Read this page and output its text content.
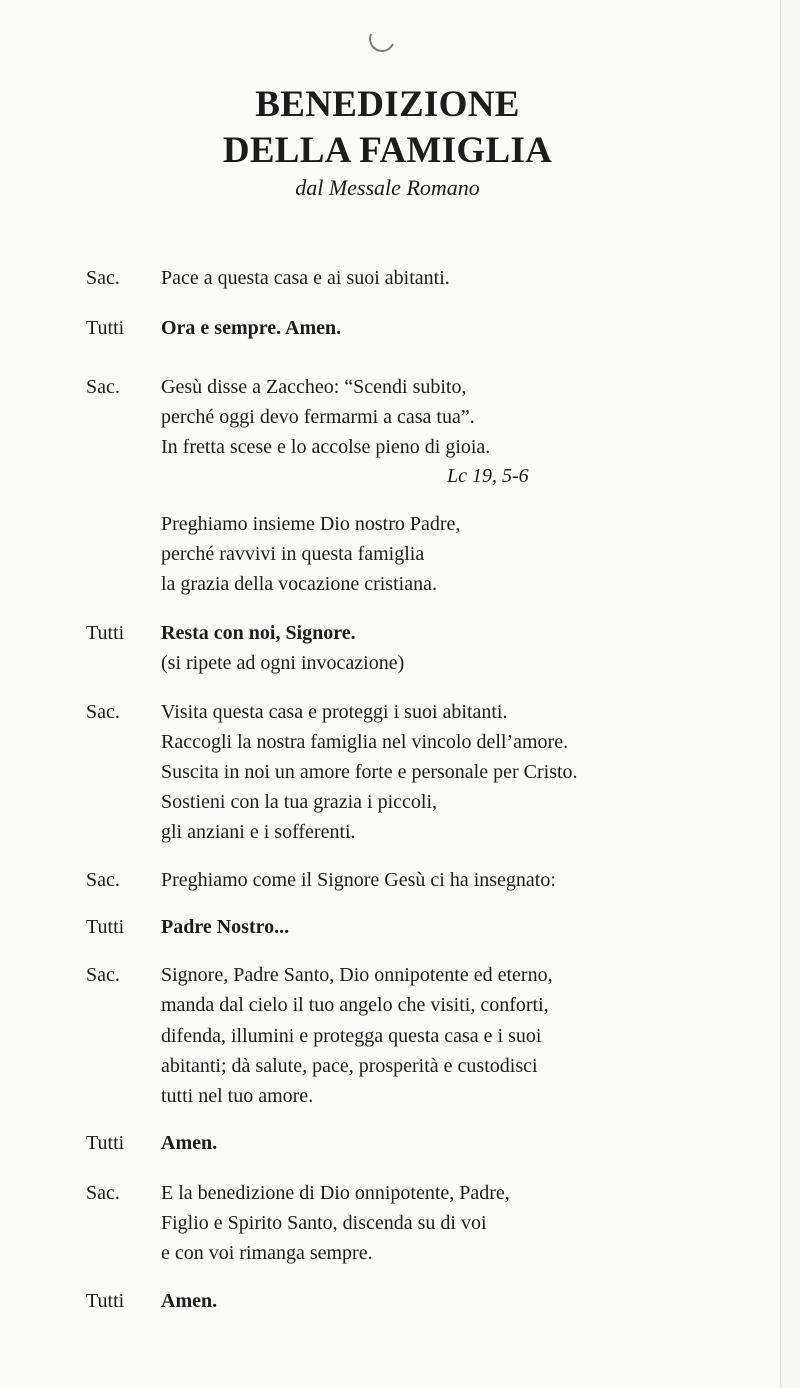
BENEDIZIONE
DELLA FAMIGLIA
dal Messale Romano
Sac. Pace a questa casa e ai suoi abitanti.
Tutti Ora e sempre. Amen.
Sac. Gesù disse a Zaccheo: “Scendi subito,
perché oggi devo fermarmi a casa tua”.
In fretta scese e lo accolse pieno di gioia.
Lc 19, 5-6
Preghiamo insieme Dio nostro Padre,
perché ravvivi in questa famiglia
la grazia della vocazione cristiana.
Tutti Resta con noi, Signore.
(si ripete ad ogni invocazione)
Sac. Visita questa casa e proteggi i suoi abitanti.
Raccogli la nostra famiglia nel vincolo dell’amore.
Suscita in noi un amore forte e personale per Cristo.
Sostieni con la tua grazia i piccoli,
gli anziani e i sofferenti.
Sac. Preghiamo come il Signore Gesù ci ha insegnato:
Tutti Padre Nostro...
Sac. Signore, Padre Santo, Dio onnipotente ed eterno,
manda dal cielo il tuo angelo che visiti, conforti,
difenda, illumini e protegga questa casa e i suoi
abitanti; dà salute, pace, prosperità e custodisci
tutti nel tuo amore.
Tutti Amen.
Sac. E la benedizione di Dio onnipotente, Padre,
Figlio e Spirito Santo, discenda su di voi
e con voi rimanga sempre.
Tutti Amen.
